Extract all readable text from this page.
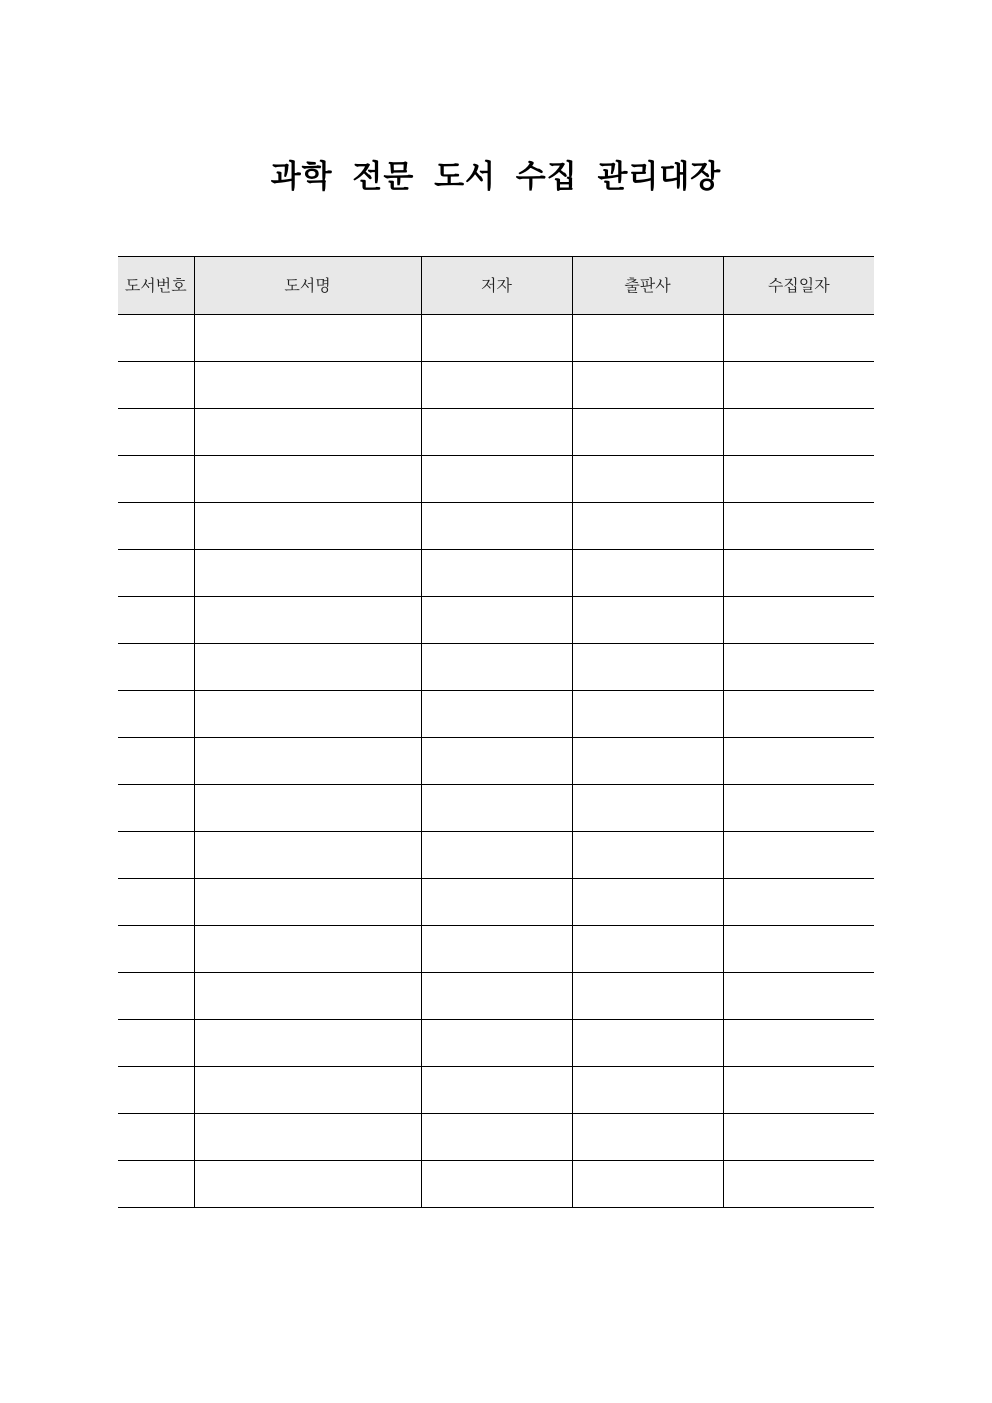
과학 전문 도서 수집 관리대장
도서번호	도서명	저자	출판사	수집일자
